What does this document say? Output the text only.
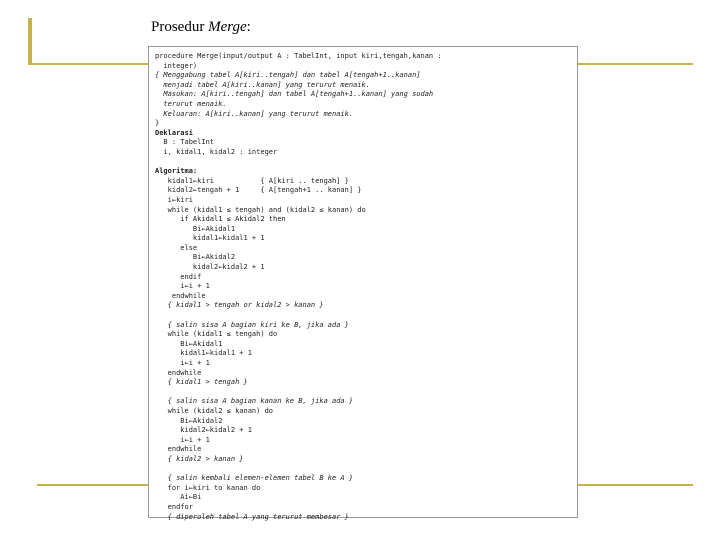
Prosedur Merge:
procedure Merge(input/output A : TabelInt, input kiri,tengah,kanan :
integer)
{ Menggabung tabel A[kiri..tengah] dan tabel A[tengah+1..kanan]
menjadi tabel A[kiri..kanan] yang terurut menaik.
Masukan: A[kiri..tengah] dan tabel A[tengah+1..kanan] yang sudah
terurut menaik.
Keluaran: A[kiri..kanan] yang terurut menaik.
}
Deklarasi
B : TabelInt
i, kidal1, kidal2 : integer
Algoritma:
kidal1←kiri           { A[kiri .. tengah] }
kidal2←tengah + 1     { A[tengah+1 .. kanan] }
i←kiri
while (kidal1 ≤ tengah) and (kidal2 ≤ kanan) do
if Akidal1 ≤ Akidal2 then
Bi←Akidal1
kidal1←kidal1 + 1
else
Bi←Akidal2
kidal2←kidal2 + 1
endif
i←i + 1
endwhile
{ kidal1 > tengah or kidal2 > kanan }
{ salin sisa A bagian kiri ke B, jika ada }
while (kidal1 ≤ tengah) do
Bi←Akidal1
kidal1←kidal1 + 1
i←i + 1
endwhile
{ kidal1 > tengah }
{ salin sisa A bagian kanan ke B, jika ada }
while (kidal2 ≤ kanan) do
Bi←Akidal2
kidal2←kidal2 + 1
i←i + 1
endwhile
{ kidal2 > kanan }
{ salin kembali elemen-elemen tabel B ke A }
for i←kiri to kanan do
Ai←Bi
endfor
{ diperoleh tabel A yang terurut membesar }
